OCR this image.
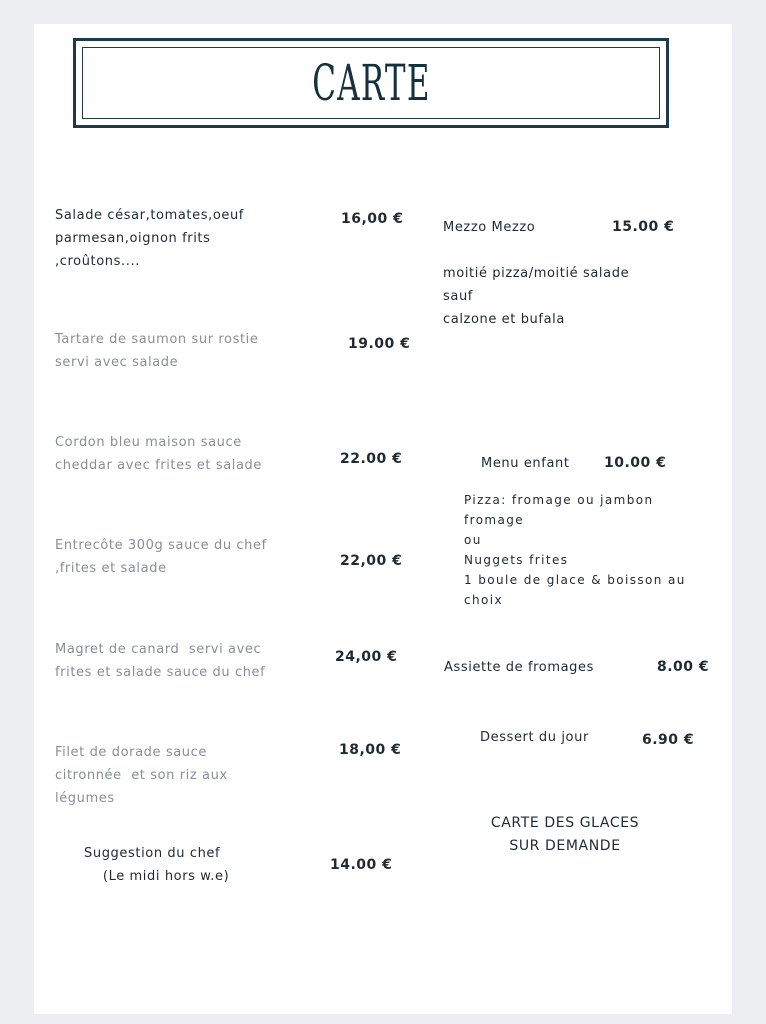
CARTE
Salade césar,tomates,oeuf
parmesan,oignon frits
,croûtons....
16,00 €
Tartare de saumon sur rostie
servi avec salade
19.00 €
Cordon bleu maison sauce
cheddar avec frites et salade	22.00 €
Entrecôte 300g sauce du chef
,frites et salade	22,00 €
Magret de canard  servi avec
frites et salade sauce du chef
24,00 €
Filet de dorade sauce
citronnée  et son riz aux
légumes
18,00 €
Suggestion du chef
(Le midi hors w.e)
14.00 €
Mezzo Mezzo	15.00 €
moitié pizza/moitié salade
sauf
calzone et bufala
Menu enfant 10.00 €
Pizza: fromage ou jambon
fromage
ou
Nuggets frites
1 boule de glace & boisson au
choix
Assiette de fromages	8.00 €
Dessert du jour	6.90 €
CARTE DES GLACES
SUR DEMANDE
